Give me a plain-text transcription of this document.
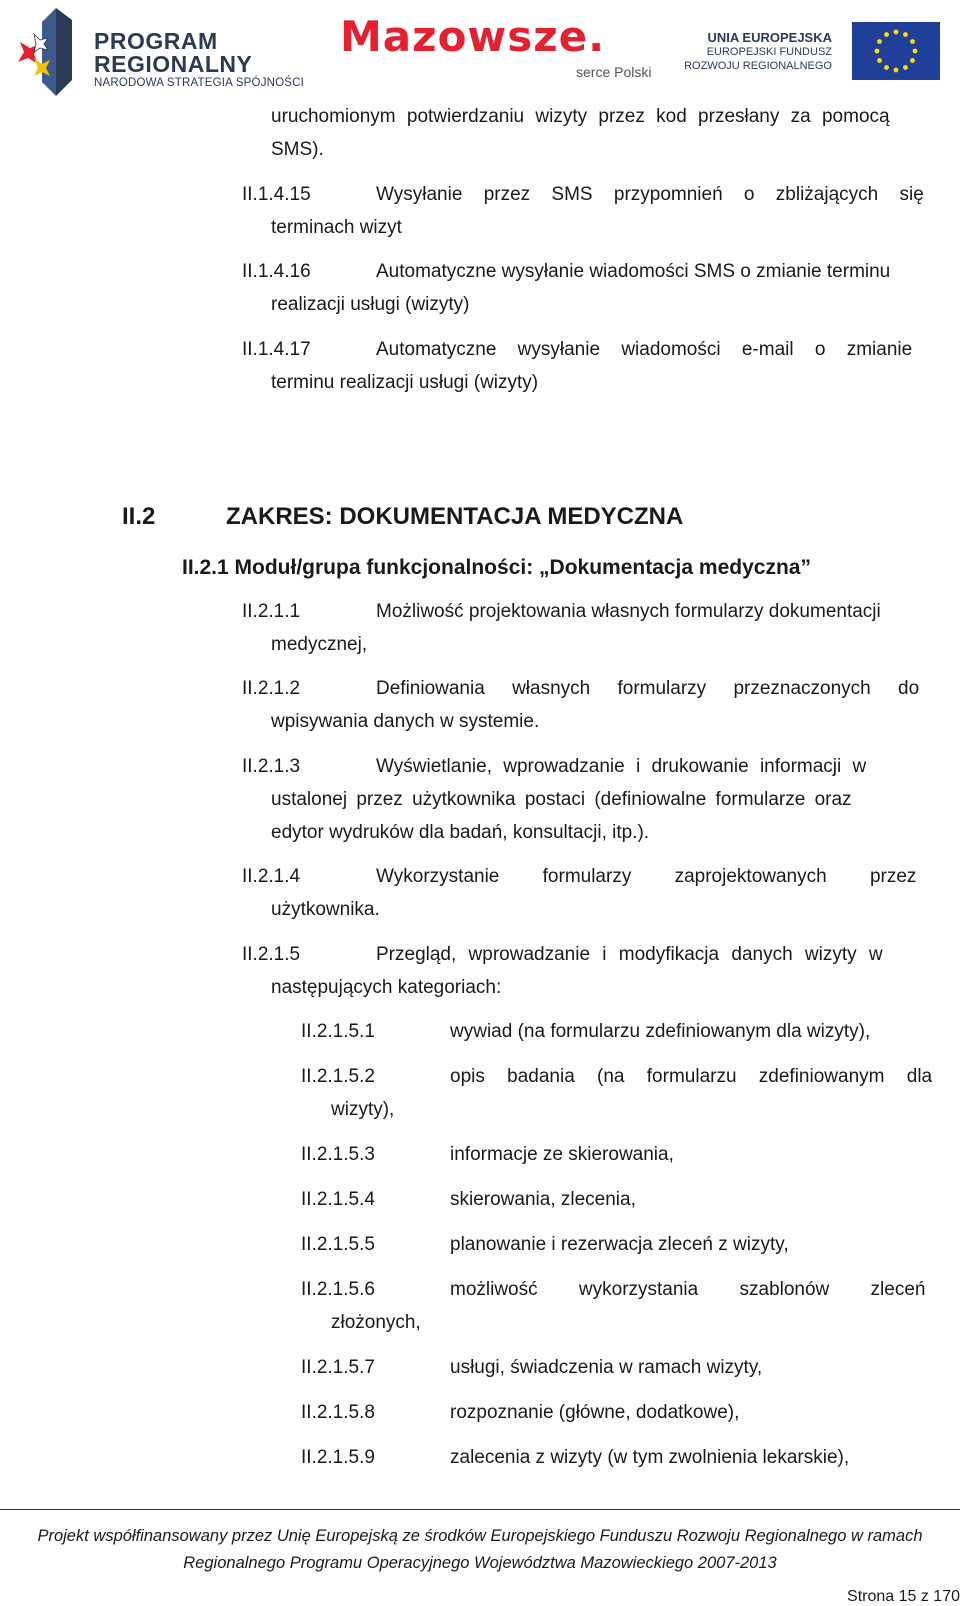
PROGRAM
REGIONALNY
NARODOWA STRATEGIA SPÓJNOŚCI
Mazowsze.
serce Polski
UNIA EUROPEJSKA
EUROPEJSKI FUNDUSZ
ROZWOJU REGIONALNEGO
uruchomionym potwierdzaniu wizyty przez kod przesłany za pomocą
SMS).
II.1.4.15	Wysyłanie przez SMS przypomnień o zbliżających się
terminach wizyt
II.1.4.16	Automatyczne wysyłanie wiadomości SMS o zmianie terminu
realizacji usługi (wizyty)
II.1.4.17	Automatyczne wysyłanie wiadomości e-mail o zmianie
terminu realizacji usługi (wizyty)
II.2	ZAKRES: DOKUMENTACJA MEDYCZNA
II.2.1 Moduł/grupa funkcjonalności: „Dokumentacja medyczna”
II.2.1.1	Możliwość projektowania własnych formularzy dokumentacji
medycznej,
II.2.1.2	Definiowania własnych formularzy przeznaczonych do
wpisywania danych w systemie.
II.2.1.3	Wyświetlanie, wprowadzanie i drukowanie informacji w
ustalonej przez użytkownika postaci (definiowalne formularze oraz
edytor wydruków dla badań, konsultacji, itp.).
II.2.1.4	Wykorzystanie formularzy zaprojektowanych przez
użytkownika.
II.2.1.5	Przegląd, wprowadzanie i modyfikacja danych wizyty w
następujących kategoriach:
II.2.1.5.1	wywiad (na formularzu zdefiniowanym dla wizyty),
II.2.1.5.2	opis badania (na formularzu zdefiniowanym dla
wizyty),
II.2.1.5.3	informacje ze skierowania,
II.2.1.5.4	skierowania, zlecenia,
II.2.1.5.5	planowanie i rezerwacja zleceń z wizyty,
II.2.1.5.6	możliwość wykorzystania szablonów zleceń
złożonych,
II.2.1.5.7	usługi, świadczenia w ramach wizyty,
II.2.1.5.8	rozpoznanie (główne, dodatkowe),
II.2.1.5.9	zalecenia z wizyty (w tym zwolnienia lekarskie),
Projekt współfinansowany przez Unię Europejską ze środków Europejskiego Funduszu Rozwoju Regionalnego w ramach
Regionalnego Programu Operacyjnego Województwa Mazowieckiego 2007-2013
Strona 15 z 170
